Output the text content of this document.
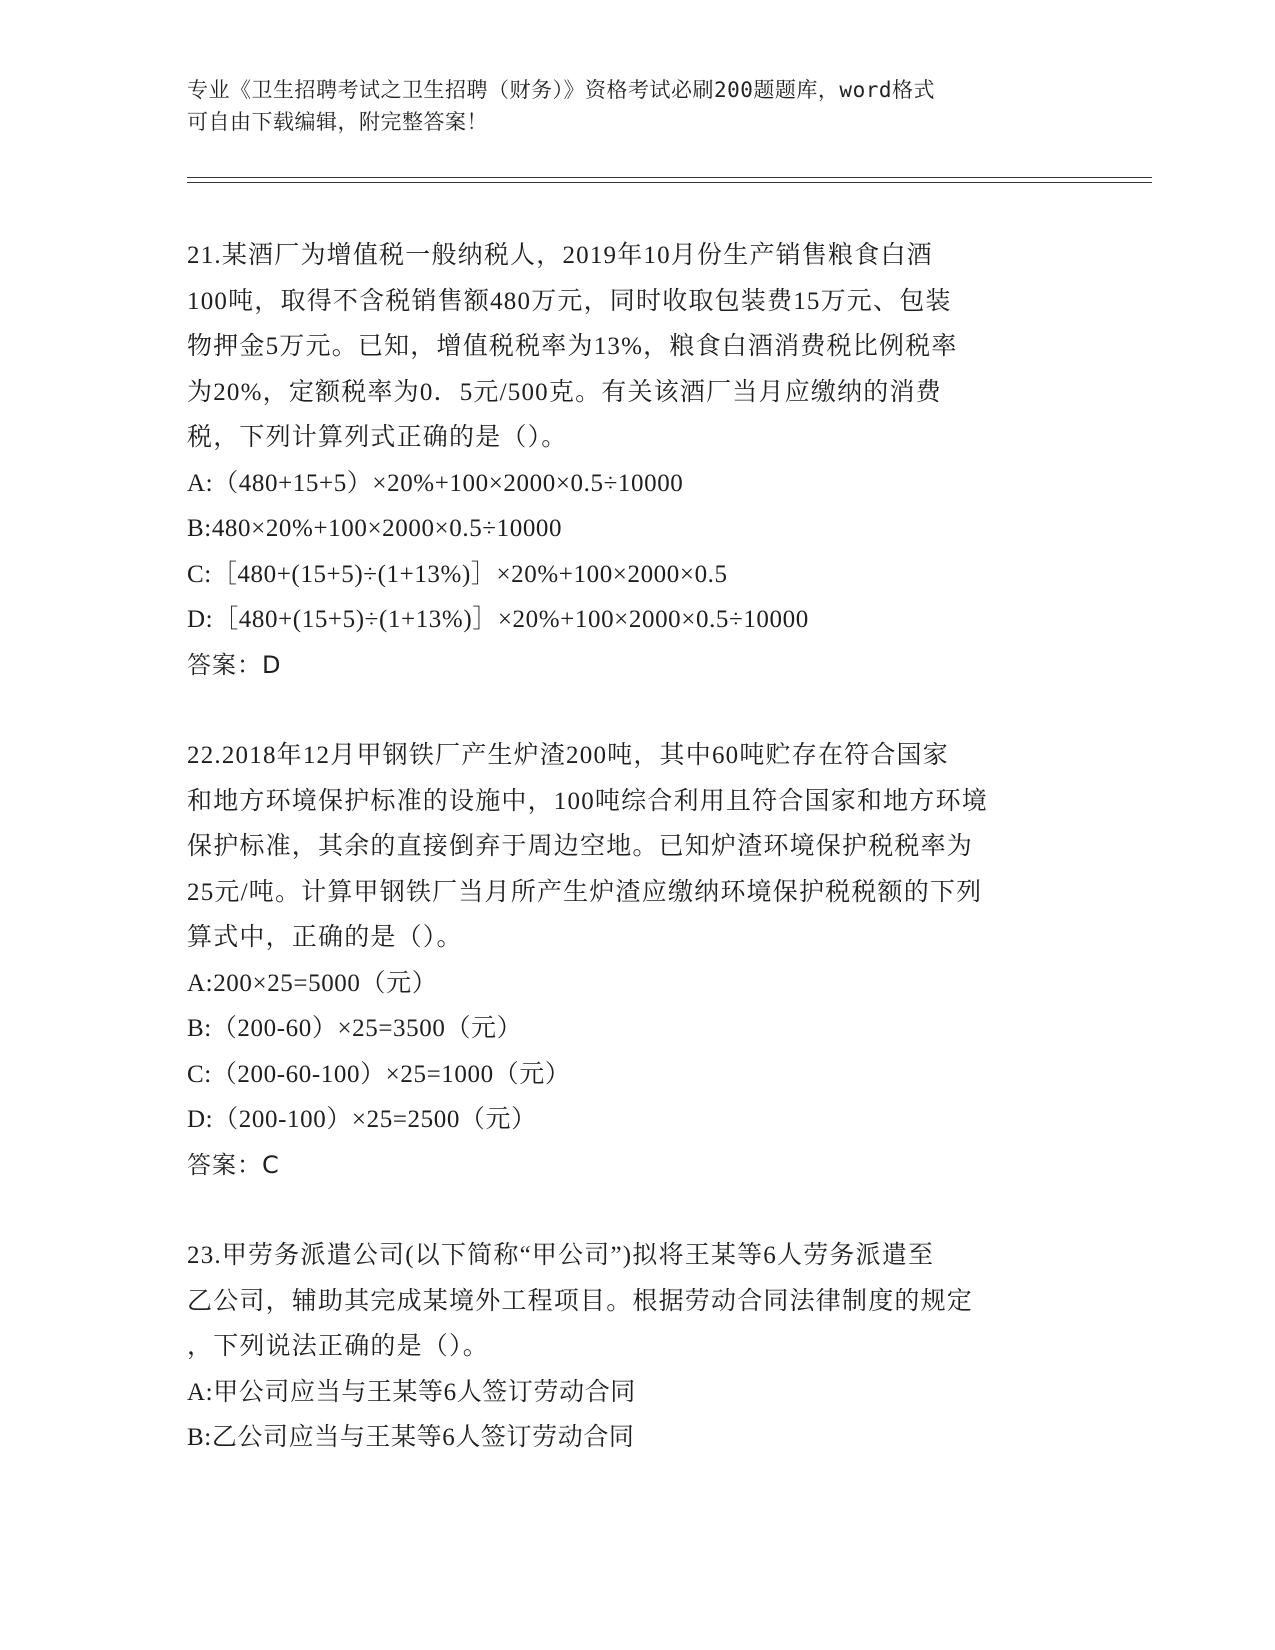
专业《卫生招聘考试之卫生招聘（财务）》资格考试必刷200题题库，word格式
可自由下载编辑，附完整答案！
21.某酒厂为增值税一般纳税人，2019年10月份生产销售粮食白酒
100吨，取得不含税销售额480万元，同时收取包装费15万元、包装
物押金5万元。已知，增值税税率为13%，粮食白酒消费税比例税率
为20%，定额税率为0．5元/500克。有关该酒厂当月应缴纳的消费
税，下列计算列式正确的是（）。
A:（480+15+5）×20%+100×2000×0.5÷10000
B:480×20%+100×2000×0.5÷10000
C:［480+(15+5)÷(1+13%)］×20%+100×2000×0.5
D:［480+(15+5)÷(1+13%)］×20%+100×2000×0.5÷10000
答案：D
22.2018年12月甲钢铁厂产生炉渣200吨，其中60吨贮存在符合国家
和地方环境保护标准的设施中，100吨综合利用且符合国家和地方环境
保护标准，其余的直接倒弃于周边空地。已知炉渣环境保护税税率为
25元/吨。计算甲钢铁厂当月所产生炉渣应缴纳环境保护税税额的下列
算式中，正确的是（）。
A:200×25=5000（元）
B:（200-60）×25=3500（元）
C:（200-60-100）×25=1000（元）
D:（200-100）×25=2500（元）
答案：C
23.甲劳务派遣公司(以下简称“甲公司”)拟将王某等6人劳务派遣至
乙公司，辅助其完成某境外工程项目。根据劳动合同法律制度的规定
，下列说法正确的是（）。
A:甲公司应当与王某等6人签订劳动合同
B:乙公司应当与王某等6人签订劳动合同
